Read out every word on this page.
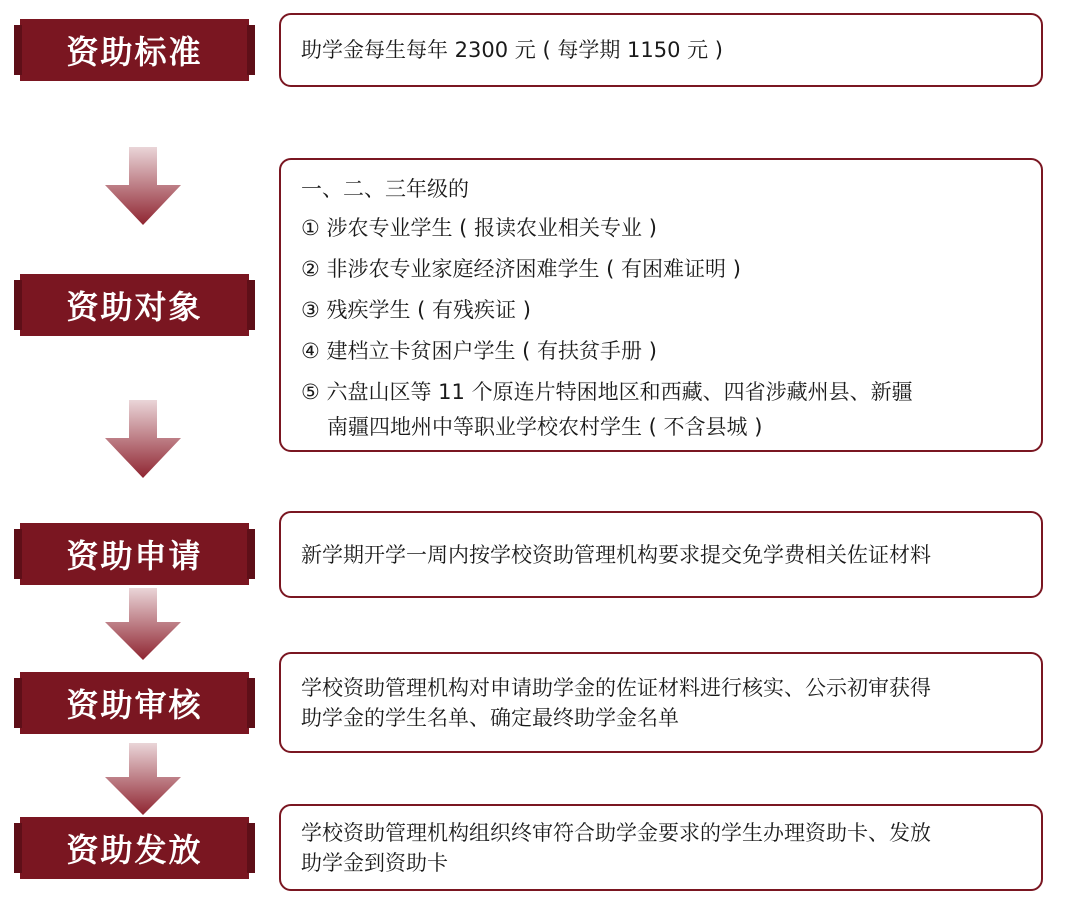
资助标准	助学金每生每年 2300 元 ( 每学期 1150 元 )
资助对象
一、二、三年级的
① 涉农专业学生 ( 报读农业相关专业 )
② 非涉农专业家庭经济困难学生 ( 有困难证明 )
③ 残疾学生 ( 有残疾证 )
④ 建档立卡贫困户学生 ( 有扶贫手册 )
⑤ 六盘山区等 11 个原连片特困地区和西藏、四省涉藏州县、新疆
南疆四地州中等职业学校农村学生 ( 不含县城 )
资助申请	新学期开学一周内按学校资助管理机构要求提交免学费相关佐证材料
资助审核	学校资助管理机构对申请助学金的佐证材料进行核实、公示初审获得
助学金的学生名单、确定最终助学金名单
资助发放	学校资助管理机构组织终审符合助学金要求的学生办理资助卡、发放
助学金到资助卡
